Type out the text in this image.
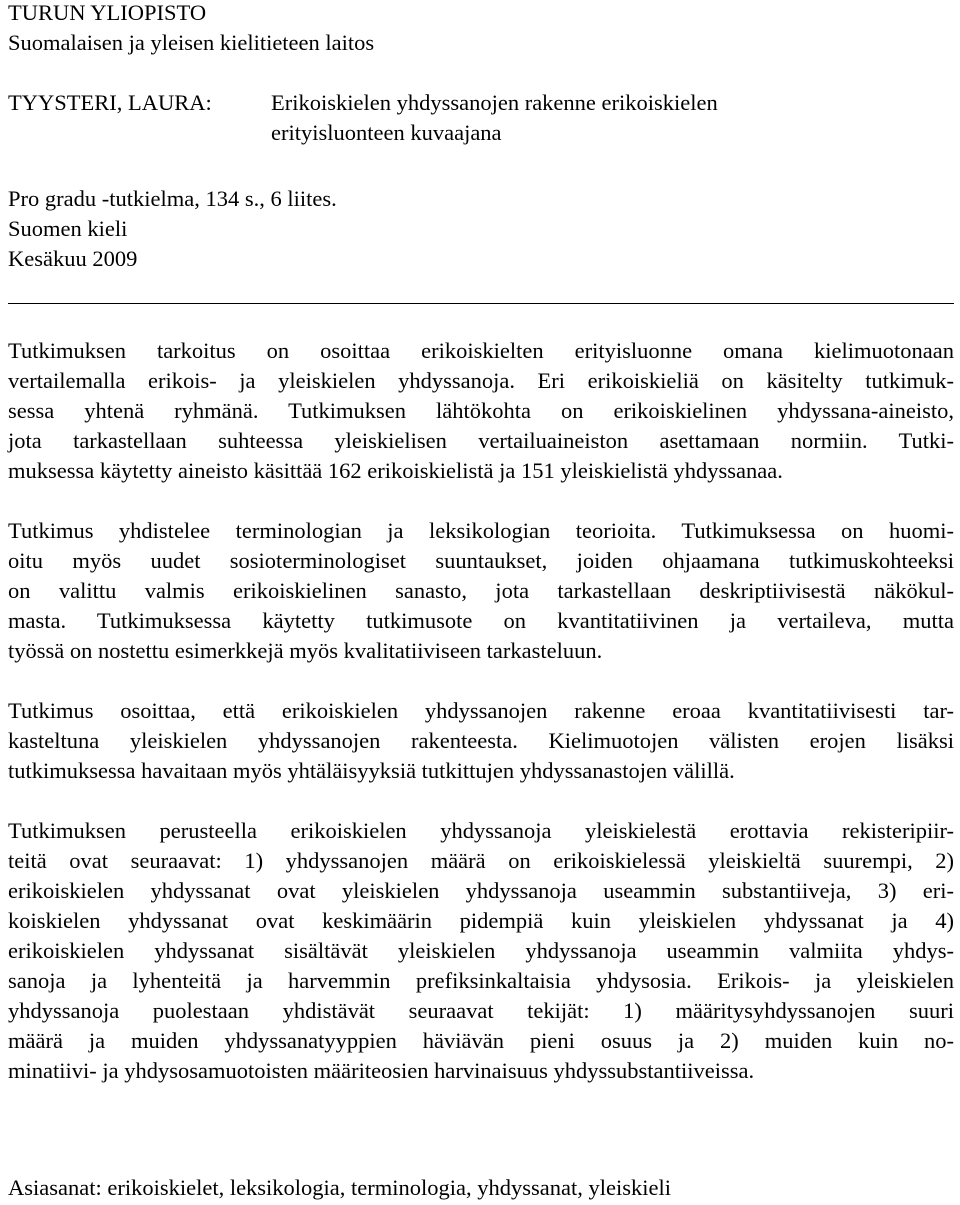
TURUN YLIOPISTO
Suomalaisen ja yleisen kielitieteen laitos
TYYSTERI, LAURA:	Erikoiskielen yhdyssanojen rakenne erikoiskielen
erityisluonteen kuvaajana
Pro gradu -tutkielma, 134 s., 6 liites.
Suomen kieli
Kesäkuu 2009

Tutkimuksen tarkoitus on osoittaa erikoiskielten erityisluonne omana kielimuotonaan
vertailemalla erikois- ja yleiskielen yhdyssanoja. Eri erikoiskieliä on käsitelty tutkimuk-
sessa yhtenä ryhmänä. Tutkimuksen lähtökohta on erikoiskielinen yhdyssana-aineisto,
jota tarkastellaan suhteessa yleiskielisen vertailuaineiston asettamaan normiin. Tutki-
muksessa käytetty aineisto käsittää 162 erikoiskielistä ja 151 yleiskielistä yhdyssanaa.

Tutkimus yhdistelee terminologian ja leksikologian teorioita. Tutkimuksessa on huomi-
oitu myös uudet sosioterminologiset suuntaukset, joiden ohjaamana tutkimuskohteeksi
on valittu valmis erikoiskielinen sanasto, jota tarkastellaan deskriptiivisestä näkökul-
masta. Tutkimuksessa käytetty tutkimusote on kvantitatiivinen ja vertaileva, mutta
työssä on nostettu esimerkkejä myös kvalitatiiviseen tarkasteluun.

Tutkimus osoittaa, että erikoiskielen yhdyssanojen rakenne eroaa kvantitatiivisesti tar-
kasteltuna yleiskielen yhdyssanojen rakenteesta. Kielimuotojen välisten erojen lisäksi
tutkimuksessa havaitaan myös yhtäläisyyksiä tutkittujen yhdyssanastojen välillä.

Tutkimuksen perusteella erikoiskielen yhdyssanoja yleiskielestä erottavia rekisteripiir-
teitä ovat seuraavat: 1) yhdyssanojen määrä on erikoiskielessä yleiskieltä suurempi, 2)
erikoiskielen yhdyssanat ovat yleiskielen yhdyssanoja useammin substantiiveja, 3) eri-
koiskielen yhdyssanat ovat keskimäärin pidempiä kuin yleiskielen yhdyssanat ja 4)
erikoiskielen yhdyssanat sisältävät yleiskielen yhdyssanoja useammin valmiita yhdys-
sanoja ja lyhenteitä ja harvemmin prefiksinkaltaisia yhdysosia. Erikois- ja yleiskielen
yhdyssanoja puolestaan yhdistävät seuraavat tekijät: 1) määritysyhdyssanojen suuri
määrä ja muiden yhdyssanatyyppien häviävän pieni osuus ja 2) muiden kuin no-
minatiivi- ja yhdysosamuotoisten määriteosien harvinaisuus yhdyssubstantiiveissa.

Asiasanat: erikoiskielet, leksikologia, terminologia, yhdyssanat, yleiskieli
